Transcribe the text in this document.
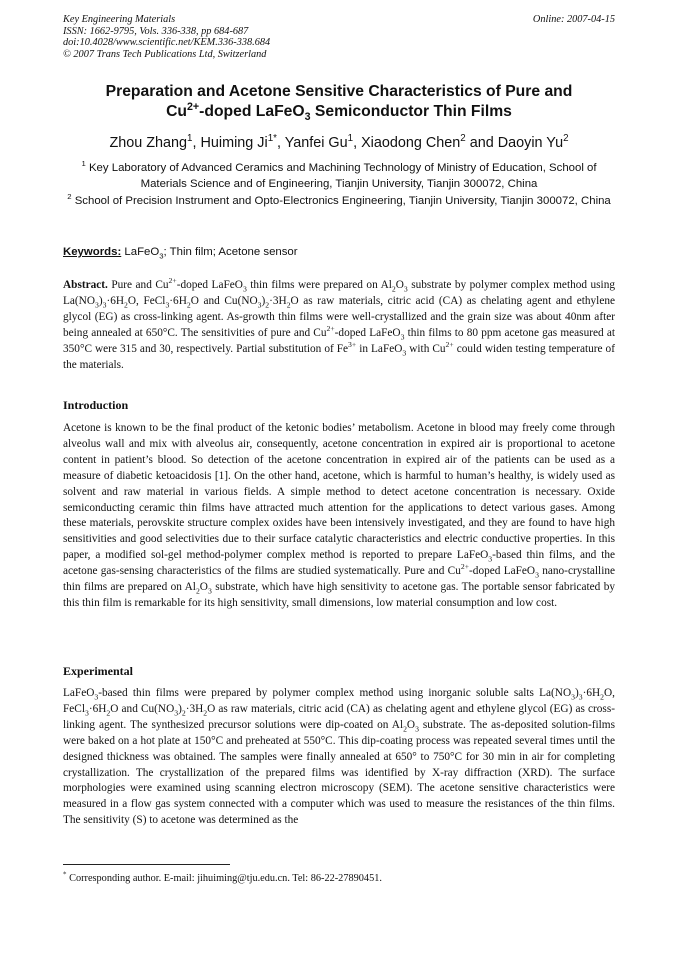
Key Engineering Materials
ISSN: 1662-9795, Vols. 336-338, pp 684-687
doi:10.4028/www.scientific.net/KEM.336-338.684
© 2007 Trans Tech Publications Ltd, Switzerland
Online: 2007-04-15
Preparation and Acetone Sensitive Characteristics of Pure and
$Cu^{2+}$-doped LaFeO$_3$ Semiconductor Thin Films
Zhou Zhang$^1$, Huiming $Ji^{1*}$, Yanfei Gu$^1$, Xiaodong Chen$^2$ and Daoyin Yu$^2$
$^1$ Key Laboratory of Advanced Ceramics and Machining Technology of Ministry of Education, School of Materials Science and of Engineering, Tianjin University, Tianjin 300072, China
$^2$ School of Precision Instrument and Opto-Electronics Engineering, Tianjin University, Tianjin 300072, China
Keywords: LaFeO$_3$; Thin film; Acetone sensor

Abstract. Pure and $Cu^{2+}$-doped LaFeO$_3$ thin films were prepared on $Al_2O_3$ substrate by polymer complex method using $La(NO_3)_3\cdot 6H_2O$, $FeCl_3\cdot 6H_2O$ and $Cu(NO_3)_2\cdot 3H_2O$ as raw materials, citric acid (CA) as chelating agent and ethylene glycol (EG) as cross-linking agent. As-growth thin films were well-crystallized and the grain size was about 40nm after being annealed at 650°C. The sensitivities of pure and $Cu^{2+}$-doped LaFeO$_3$ thin films to 80 ppm acetone gas measured at 350°C were 315 and 30, respectively. Partial substitution of $Fe^{3+}$ in LaFeO$_3$ with $Cu^{2+}$ could widen testing temperature of the materials.

Introduction

Acetone is known to be the final product of the ketonic bodies’ metabolism. Acetone in blood may freely come through alveolus wall and mix with alveolus air, consequently, acetone concentration in expired air is proportional to acetone content in patient’s blood. So detection of the acetone concentration in expired air of the patients can be used as a measure of diabetic ketoacidosis [1]. On the other hand, acetone, which is harmful to human’s healthy, is widely used as solvent and raw material in various fields. A simple method to detect acetone concentration is necessary. Oxide semiconducting ceramic thin films have attracted much attention for the applications to detect various gases. Among these materials, perovskite structure complex oxides have been intensively investigated, and they are found to have high sensitivities and good selectivities due to their surface catalytic characteristics and electric conductive properties. In this paper, a modified sol-gel method-polymer complex method is reported to prepare LaFeO$_3$-based thin films, and the acetone gas-sensing characteristics of the films are studied systematically. Pure and $Cu^{2+}$-doped LaFeO$_3$ nano-crystalline thin films are prepared on $Al_2O_3$ substrate, which have high sensitivity to acetone gas. The portable sensor fabricated by this thin film is remarkable for its high sensitivity, small dimensions, low material consumption and low cost.

Experimental

LaFeO$_3$-based thin films were prepared by polymer complex method using inorganic soluble salts $La(NO_3)_3\cdot 6H_2O$, $FeCl_3\cdot 6H_2O$ and $Cu(NO_3)_2\cdot 3H_2O$ as raw materials, citric acid (CA) as chelating agent and ethylene glycol (EG) as cross-linking agent. The synthesized precursor solutions were dip-coated on $Al_2O_3$ substrate. The as-deposited solution-films were baked on a hot plate at 150°C and preheated at 550°C. This dip-coating process was repeated several times until the designed thickness was obtained. The samples were finally annealed at 650° to 750°C for 30 min in air for completing crystallization. The crystallization of the prepared films was identified by X-ray diffraction (XRD). The surface morphologies were examined using scanning electron microscopy (SEM). The acetone sensitive characteristics were measured in a flow gas system connected with a computer which was used to measure the resistances of the thin films. The sensitivity (S) to acetone was determined as the

* Corresponding author. E-mail: jihuiming@tju.edu.cn. Tel: 86-22-27890451.
